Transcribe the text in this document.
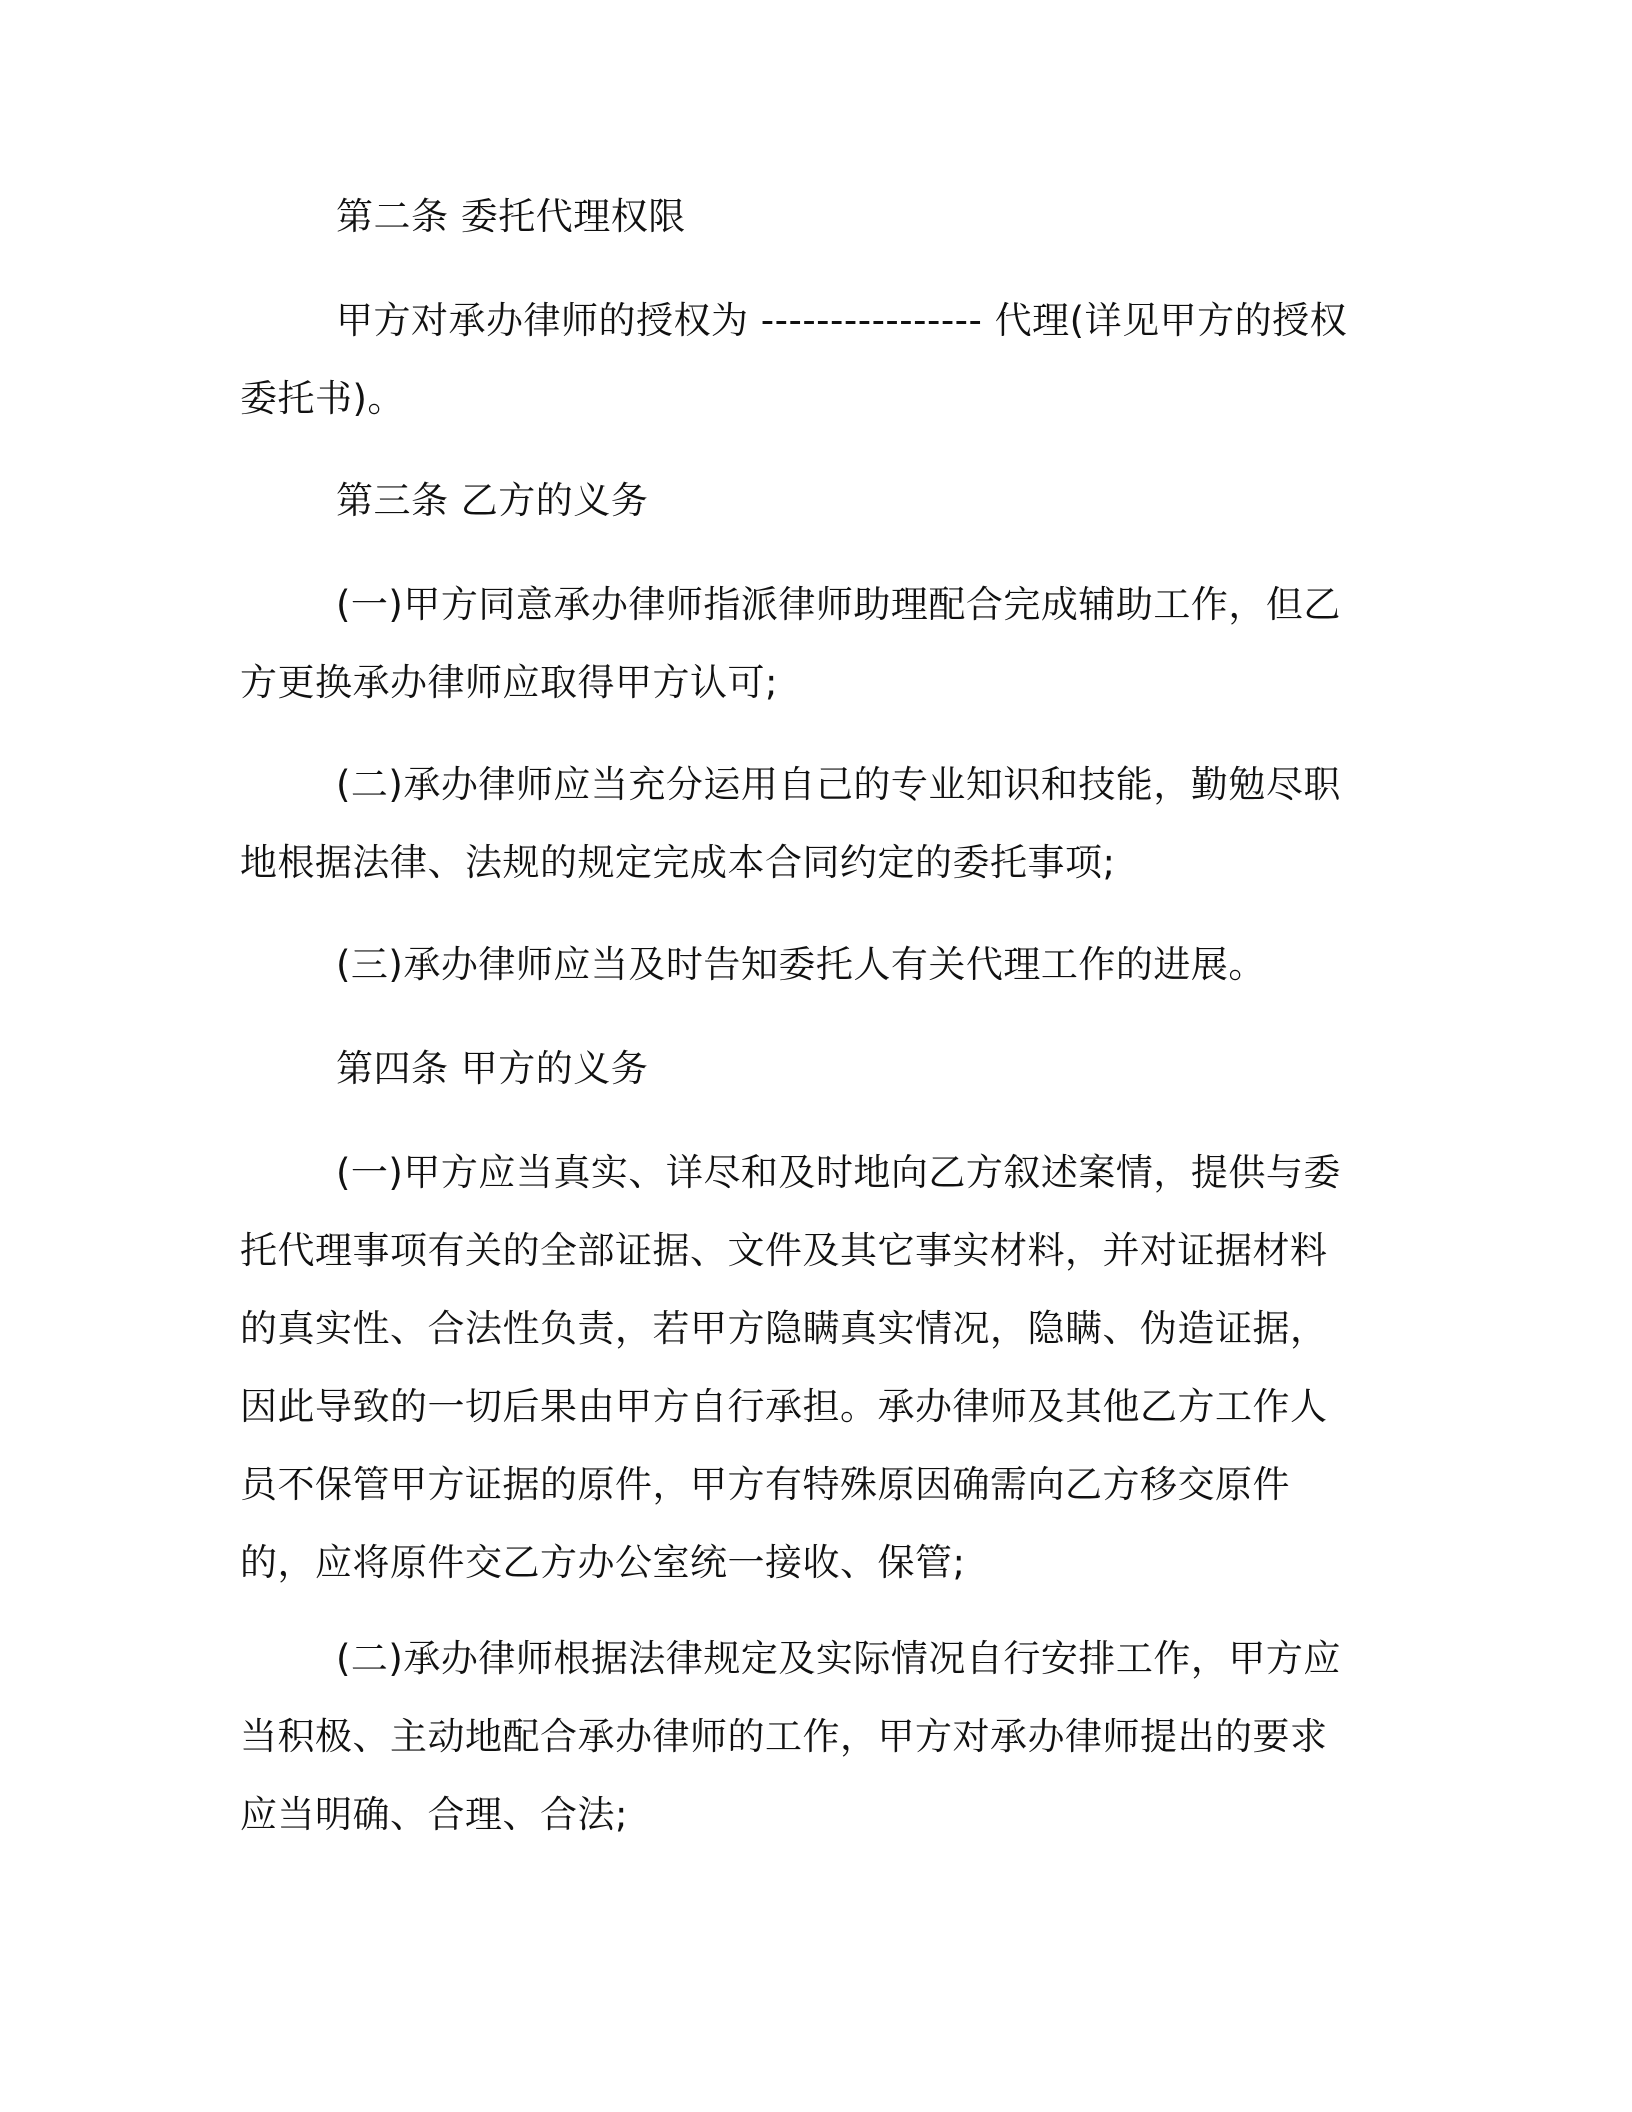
第二条 委托代理权限

甲方对承办律师的授权为 ---------------- 代理(详见甲方的授权委托书)。

第三条 乙方的义务

(一)甲方同意承办律师指派律师助理配合完成辅助工作，但乙方更换承办律师应取得甲方认可;

(二)承办律师应当充分运用自己的专业知识和技能，勤勉尽职地根据法律、法规的规定完成本合同约定的委托事项;

(三)承办律师应当及时告知委托人有关代理工作的进展。

第四条 甲方的义务

(一)甲方应当真实、详尽和及时地向乙方叙述案情，提供与委托代理事项有关的全部证据、文件及其它事实材料，并对证据材料的真实性、合法性负责，若甲方隐瞒真实情况，隐瞒、伪造证据，因此导致的一切后果由甲方自行承担。承办律师及其他乙方工作人员不保管甲方证据的原件，甲方有特殊原因确需向乙方移交原件的，应将原件交乙方办公室统一接收、保管;

(二)承办律师根据法律规定及实际情况自行安排工作，甲方应当积极、主动地配合承办律师的工作，甲方对承办律师提出的要求应当明确、合理、合法;
